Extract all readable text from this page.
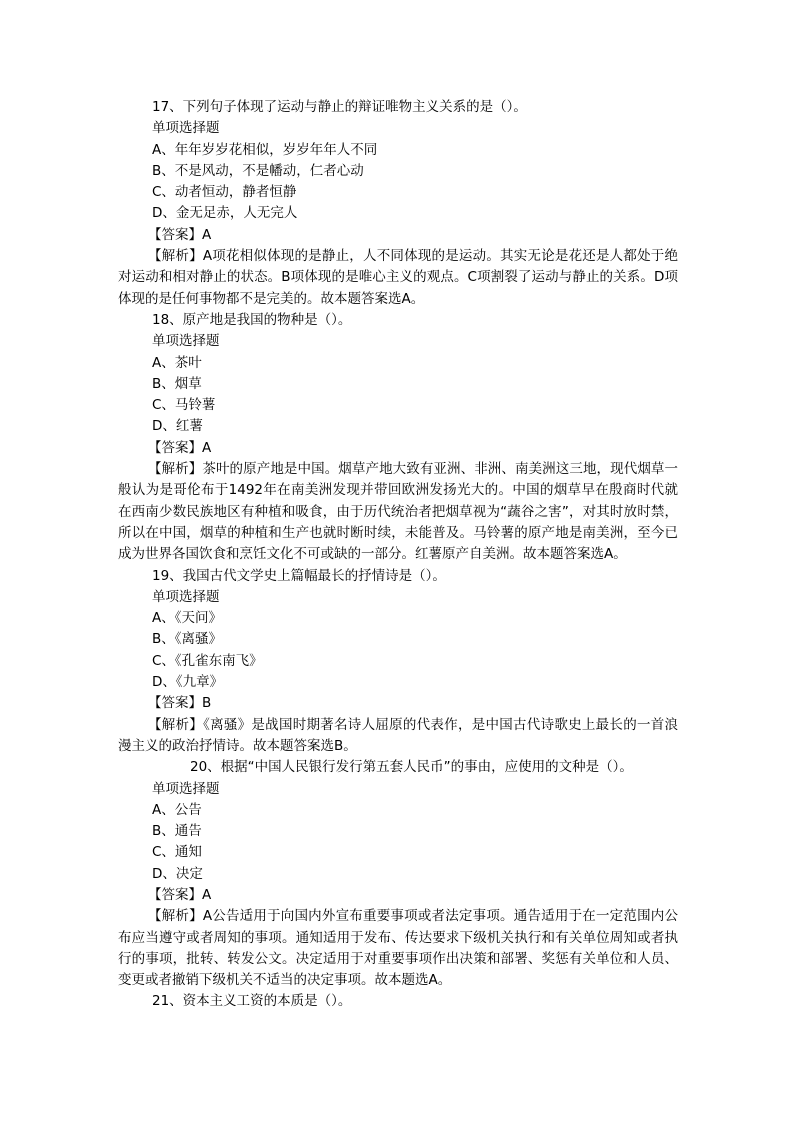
17、下列句子体现了运动与静止的辩证唯物主义关系的是（）。

单项选择题

A、年年岁岁花相似，岁岁年年人不同

B、不是风动，不是幡动，仁者心动

C、动者恒动，静者恒静

D、金无足赤，人无完人

【答案】A

【解析】A项花相似体现的是静止，人不同体现的是运动。其实无论是花还是人都处于绝对运动和相对静止的状态。B项体现的是唯心主义的观点。C项割裂了运动与静止的关系。D项体现的是任何事物都不是完美的。故本题答案选A。

18、原产地是我国的物种是（）。

单项选择题

A、茶叶

B、烟草

C、马铃薯

D、红薯

【答案】A

【解析】茶叶的原产地是中国。烟草产地大致有亚洲、非洲、南美洲这三地，现代烟草一般认为是哥伦布于1492年在南美洲发现并带回欧洲发扬光大的。中国的烟草早在殷商时代就在西南少数民族地区有种植和吸食，由于历代统治者把烟草视为“蔬谷之害”，对其时放时禁，所以在中国，烟草的种植和生产也就时断时续，未能普及。马铃薯的原产地是南美洲，至今已成为世界各国饮食和烹饪文化不可或缺的一部分。红薯原产自美洲。故本题答案选A。

19、我国古代文学史上篇幅最长的抒情诗是（）。

单项选择题

A、《天问》

B、《离骚》

C、《孔雀东南飞》

D、《九章》

【答案】B

【解析】《离骚》是战国时期著名诗人屈原的代表作，是中国古代诗歌史上最长的一首浪漫主义的政治抒情诗。故本题答案选B。

20、根据“中国人民银行发行第五套人民币”的事由，应使用的文种是（）。

单项选择题

A、公告

B、通告

C、通知

D、决定

【答案】A

【解析】A公告适用于向国内外宣布重要事项或者法定事项。通告适用于在一定范围内公布应当遵守或者周知的事项。通知适用于发布、传达要求下级机关执行和有关单位周知或者执行的事项，批转、转发公文。决定适用于对重要事项作出决策和部署、奖惩有关单位和人员、变更或者撤销下级机关不适当的决定事项。故本题选A。

21、资本主义工资的本质是（）。
